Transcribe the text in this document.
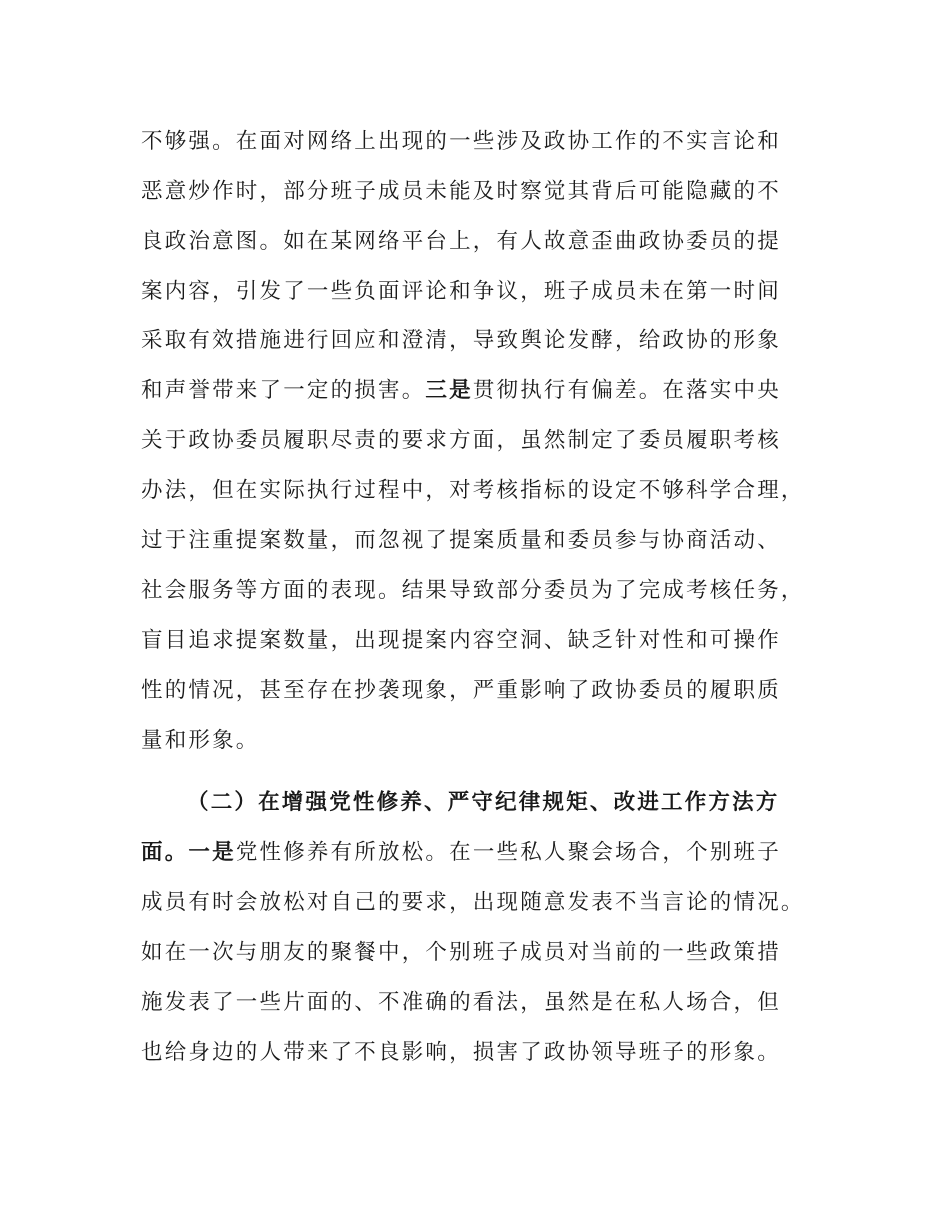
不够强。在面对网络上出现的一些涉及政协工作的不实言论和
恶意炒作时，部分班子成员未能及时察觉其背后可能隐藏的不
良政治意图。如在某网络平台上，有人故意歪曲政协委员的提
案内容，引发了一些负面评论和争议，班子成员未在第一时间
采取有效措施进行回应和澄清，导致舆论发酵，给政协的形象
和声誉带来了一定的损害。三是贯彻执行有偏差。在落实中央
关于政协委员履职尽责的要求方面，虽然制定了委员履职考核
办法，但在实际执行过程中，对考核指标的设定不够科学合理，
过于注重提案数量，而忽视了提案质量和委员参与协商活动、
社会服务等方面的表现。结果导致部分委员为了完成考核任务，
盲目追求提案数量，出现提案内容空洞、缺乏针对性和可操作
性的情况，甚至存在抄袭现象，严重影响了政协委员的履职质
量和形象。
（二）在增强党性修养、严守纪律规矩、改进工作方法方
面。一是党性修养有所放松。在一些私人聚会场合，个别班子
成员有时会放松对自己的要求，出现随意发表不当言论的情况。
如在一次与朋友的聚餐中，个别班子成员对当前的一些政策措
施发表了一些片面的、不准确的看法，虽然是在私人场合，但
也给身边的人带来了不良影响，损害了政协领导班子的形象。
